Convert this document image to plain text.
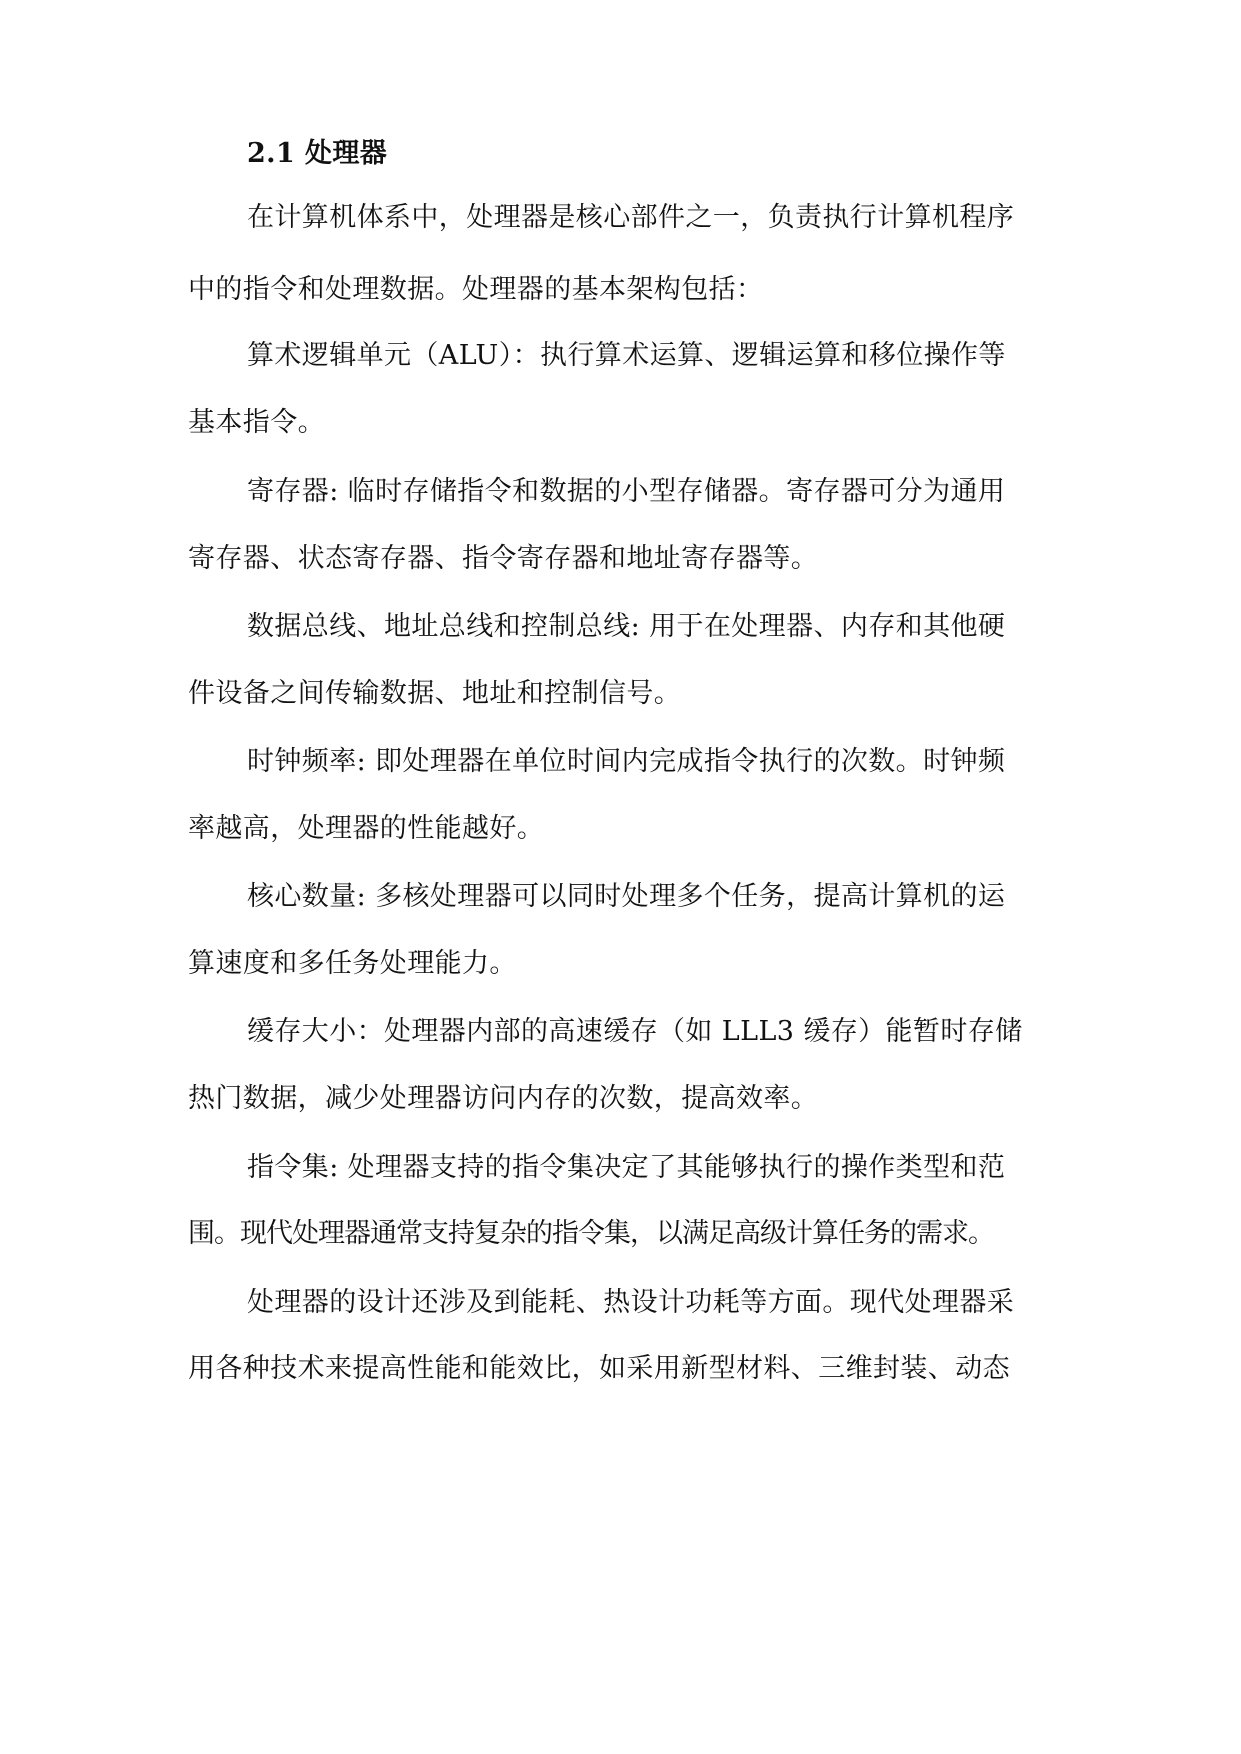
2.1 处理器
在计算机体系中，处理器是核心部件之一，负责执行计算机程序
中的指令和处理数据。处理器的基本架构包括：
算术逻辑单元（ALU）：执行算术运算、逻辑运算和移位操作等
基本指令。
寄存器: 临时存储指令和数据的小型存储器。寄存器可分为通用
寄存器、状态寄存器、指令寄存器和地址寄存器等。
数据总线、地址总线和控制总线: 用于在处理器、内存和其他硬
件设备之间传输数据、地址和控制信号。
时钟频率: 即处理器在单位时间内完成指令执行的次数。时钟频
率越高，处理器的性能越好。
核心数量: 多核处理器可以同时处理多个任务，提高计算机的运
算速度和多任务处理能力。
缓存大小：处理器内部的高速缓存（如 LLL3 缓存）能暂时存储
热门数据，减少处理器访问内存的次数，提高效率。
指令集: 处理器支持的指令集决定了其能够执行的操作类型和范
围。现代处理器通常支持复杂的指令集，以满足高级计算任务的需求。
处理器的设计还涉及到能耗、热设计功耗等方面。现代处理器采
用各种技术来提高性能和能效比，如采用新型材料、三维封装、动态
